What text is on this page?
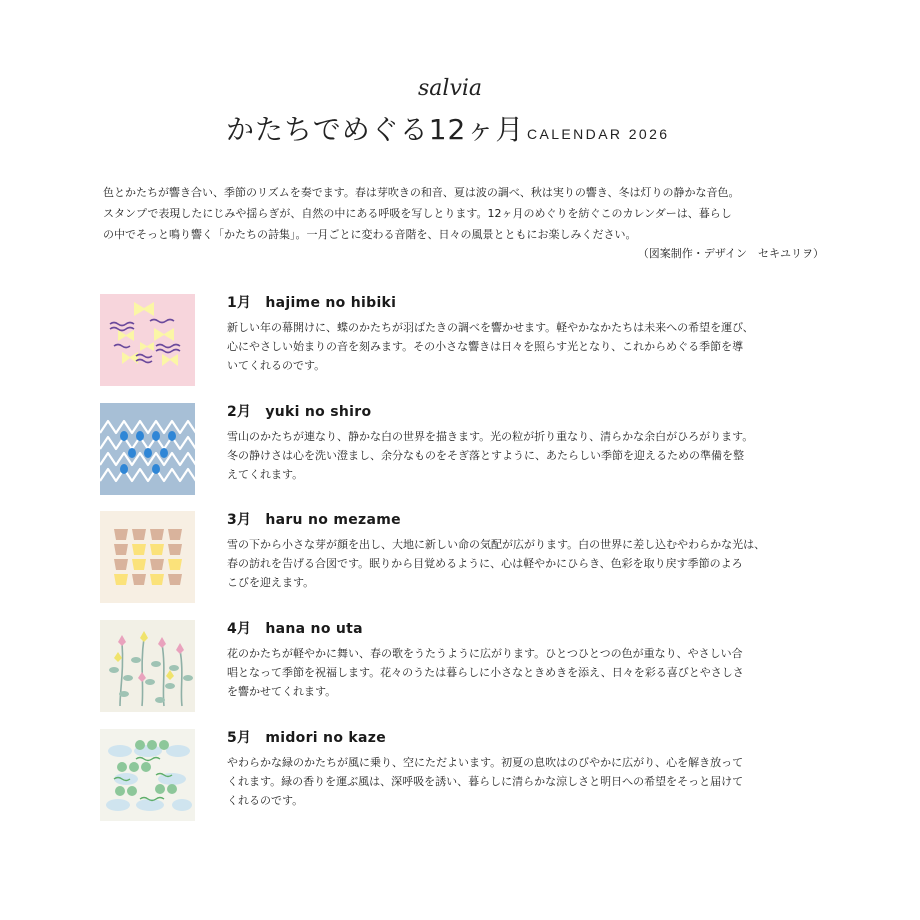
salvia
かたちでめぐる12ヶ月 CALENDAR 2026

色とかたちが響き合い、季節のリズムを奏でます。春は芽吹きの和音、夏は波の調べ、秋は実りの響き、冬は灯りの静かな音色。

スタンプで表現したにじみや揺らぎが、自然の中にある呼吸を写しとります。12ヶ月のめぐりを紡ぐこのカレンダーは、暮らし

の中でそっと鳴り響く「かたちの詩集」。一月ごとに変わる音階を、日々の風景とともにお楽しみください。

（図案制作・デザイン　セキユリヲ）
1月 hajime no hibiki

新しい年の幕開けに、蝶のかたちが羽ばたきの調べを響かせます。軽やかなかたちは未来への希望を運び、

心にやさしい始まりの音を刻みます。その小さな響きは日々を照らす光となり、これからめぐる季節を導

いてくれるのです。

2月 yuki no shiro

雪山のかたちが連なり、静かな白の世界を描きます。光の粒が折り重なり、清らかな余白がひろがります。

冬の静けさは心を洗い澄まし、余分なものをそぎ落とすように、あたらしい季節を迎えるための準備を整

えてくれます。

3月 haru no mezame

雪の下から小さな芽が顔を出し、大地に新しい命の気配が広がります。白の世界に差し込むやわらかな光は、

春の訪れを告げる合図です。眠りから目覚めるように、心は軽やかにひらき、色彩を取り戻す季節のよろ

こびを迎えます。

4月 hana no uta

花のかたちが軽やかに舞い、春の歌をうたうように広がります。ひとつひとつの色が重なり、やさしい合

唱となって季節を祝福します。花々のうたは暮らしに小さなときめきを添え、日々を彩る喜びとやさしさ

を響かせてくれます。

5月 midori no kaze

やわらかな緑のかたちが風に乗り、空にただよいます。初夏の息吹はのびやかに広がり、心を解き放って

くれます。緑の香りを運ぶ風は、深呼吸を誘い、暮らしに清らかな涼しさと明日への希望をそっと届けて

くれるのです。
